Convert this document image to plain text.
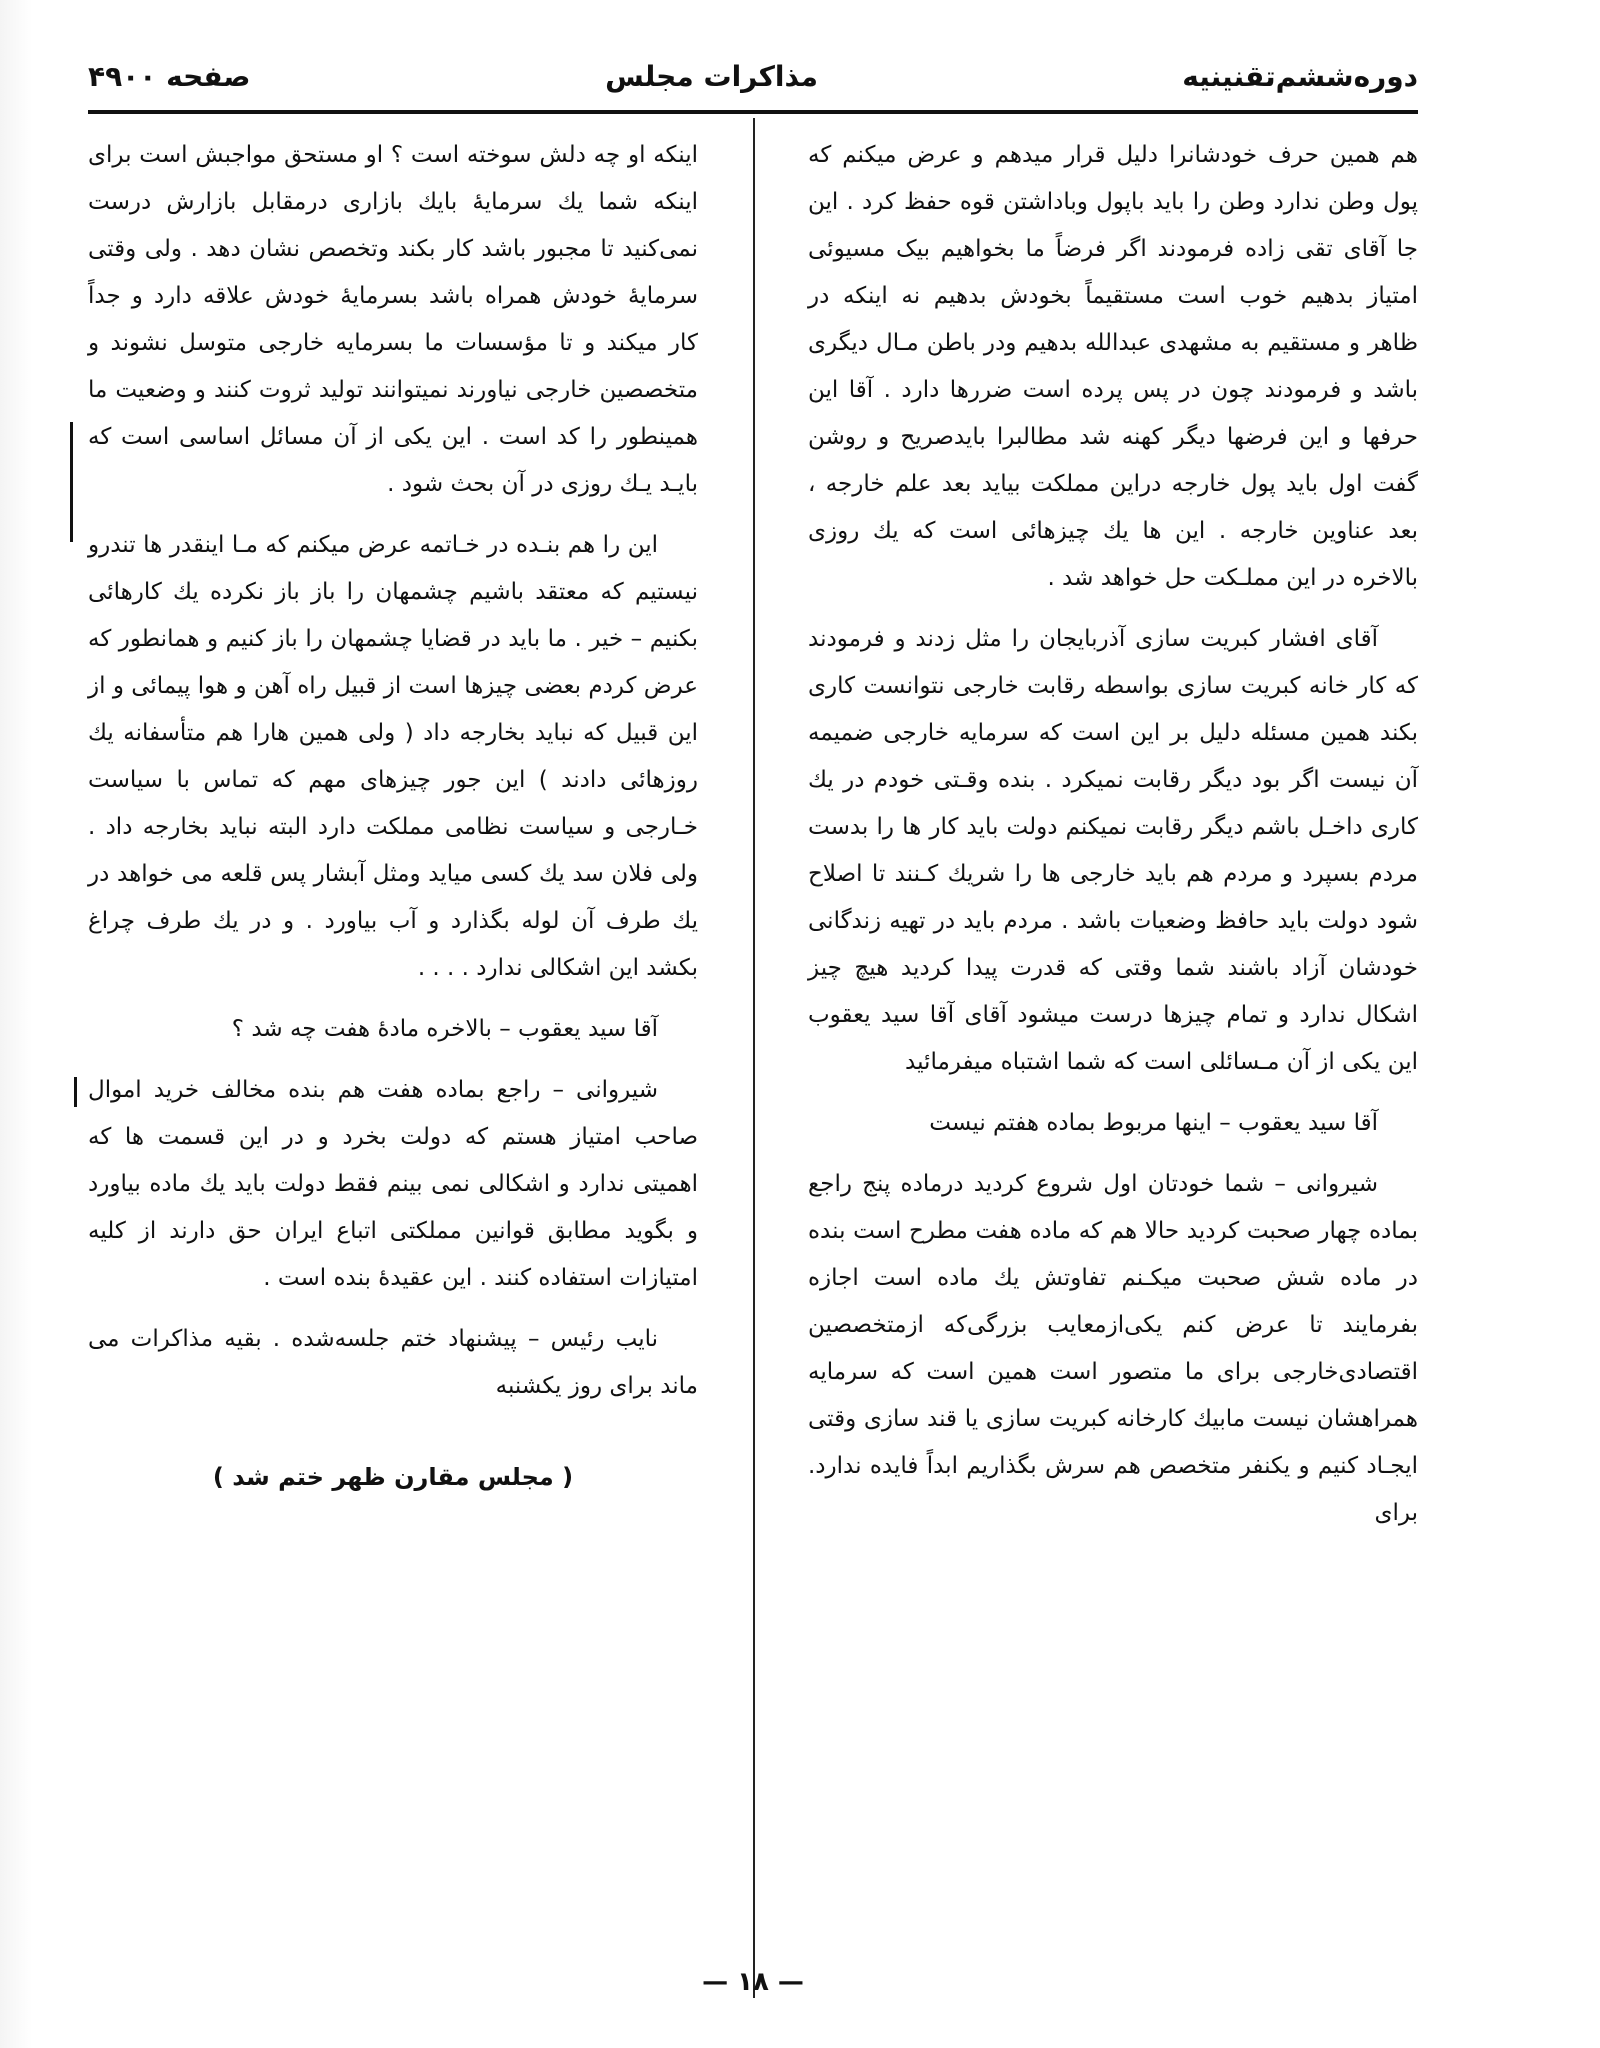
دوره‌ششم‌تقنینیه
مذاکرات مجلس
صفحه ۴۹۰۰

هم همین حرف خودشانرا دلیل قرار میدهم و عرض میکنم که پول وطن ندارد وطن را باید باپول وباداشتن قوه حفظ کرد . این جا آقای تقی زاده فرمودند اگر فرضاً ما بخواهیم بیک مسیوئی امتیاز بدهیم خوب است مستقیماً بخودش بدهیم نه اینکه در ظاهر و مستقیم به مشهدی عبدالله بدهیم ودر باطن مـال دیگری باشد و فرمودند چون در پس پرده است ضررها دارد . آقا این حرفها و این فرضها دیگر کهنه شد مطالبرا بایدصریح و روشن گفت اول باید پول خارجه دراین مملکت بیاید بعد علم خارجه ، بعد عناوین خارجه . این ها یك چیزهائی است که یك روزی بالاخره در این مملـکت حل خواهد شد .

آقای افشار کبریت سازی آذربایجان را مثل زدند و فرمودند که کار خانه کبریت سازی بواسطه رقابت خارجی نتوانست کاری بکند همین مسئله دلیل بر این است که سرمایه خارجی ضمیمه آن نیست اگر بود دیگر رقابت نمیکرد . بنده وقـتی خودم در یك کاری داخـل باشم دیگر رقابت نمیکنم دولت باید کار ها را بدست مردم بسپرد و مردم هم باید خارجی ها را شریك کـنند تا اصلاح شود دولت باید حافظ وضعیات باشد . مردم باید در تهیه زندگانی خودشان آزاد باشند شما وقتی که قدرت پیدا کردید هیچ چیز اشکال ندارد و تمام چیزها درست میشود آقای آقا سید یعقوب این یکی از آن مـسائلی است که شما اشتباه میفرمائید

آقا سید یعقوب – اینها مربوط بماده هفتم نیست

شیروانی – شما خودتان اول شروع کردید درماده پنج راجع بماده چهار صحبت کردید حالا هم که ماده هفت مطرح است بنده در ماده شش صحبت میکـنم تفاوتش یك ماده است اجازه بفرمایند تا عرض کنم یکی‌ازمعایب بزرگی‌که ازمتخصصین اقتصادی‌خارجی برای ما متصور است همین است که سرمایه همراهشان نیست مابیك کارخانه کبریت سازی یا قند سازی وقتی ایجـاد کنیم و یکنفر متخصص هم سرش بگذاریم ابداً فایده ندارد. برای

اینکه او چه دلش سوخته است ؟ او مستحق مواجبش است برای اینکه شما یك سرمایهٔ بایك بازاری درمقابل بازارش درست نمی‌کنید تا مجبور باشد کار بکند وتخصص نشان دهد . ولی وقتی سرمایهٔ خودش همراه باشد بسرمایهٔ خودش علاقه دارد و جداً کار میکند و تا مؤسسات ما بسرمایه خارجی متوسل نشوند و متخصصین خارجی نیاورند نمیتوانند تولید ثروت کنند و وضعیت ما همینطور را کد است . این یکی از آن مسائل اساسی است که بایـد یـك روزی در آن بحث شود .

این را هم بنـده در خـاتمه عرض میکنم که مـا اینقدر ها تندرو نیستیم که معتقد باشیم چشمهان را باز باز نکرده یك کارهائی بکنیم – خیر . ما باید در قضایا چشمهان را باز کنیم و همانطور که عرض کردم بعضی چیزها است از قبیل راه آهن و هوا پیمائی و از این قبیل که نباید بخارجه داد ( ولی همین هارا هم متأسفانه یك روزهائی دادند ) این جور چیزهای مهم که تماس با سیاست خـارجی و سیاست نظامی مملکت دارد البته نباید بخارجه داد . ولی فلان سد یك کسی میاید ومثل آبشار پس قلعه می خواهد در یك طرف آن لوله بگذارد و آب بیاورد . و در یك طرف چراغ بکشد این اشکالی ندارد . . . .

آقا سید یعقوب – بالاخره مادهٔ هفت چه شد ؟

شیروانی – راجع بماده هفت هم بنده مخالف خرید اموال صاحب امتیاز هستم که دولت بخرد و در این قسمت ها که اهمیتی ندارد و اشکالی نمی بینم فقط دولت باید یك ماده بیاورد و بگوید مطابق قوانین مملکتی اتباع ایران حق دارند از کلیه امتیازات استفاده کنند . این عقیدهٔ بنده است .

نایب رئیس – پیشنهاد ختم جلسه‌شده . بقیه مذاکرات می ماند برای روز یکشنبه

( مجلس مقارن ظهر ختم شد )
— ۱۸ —
